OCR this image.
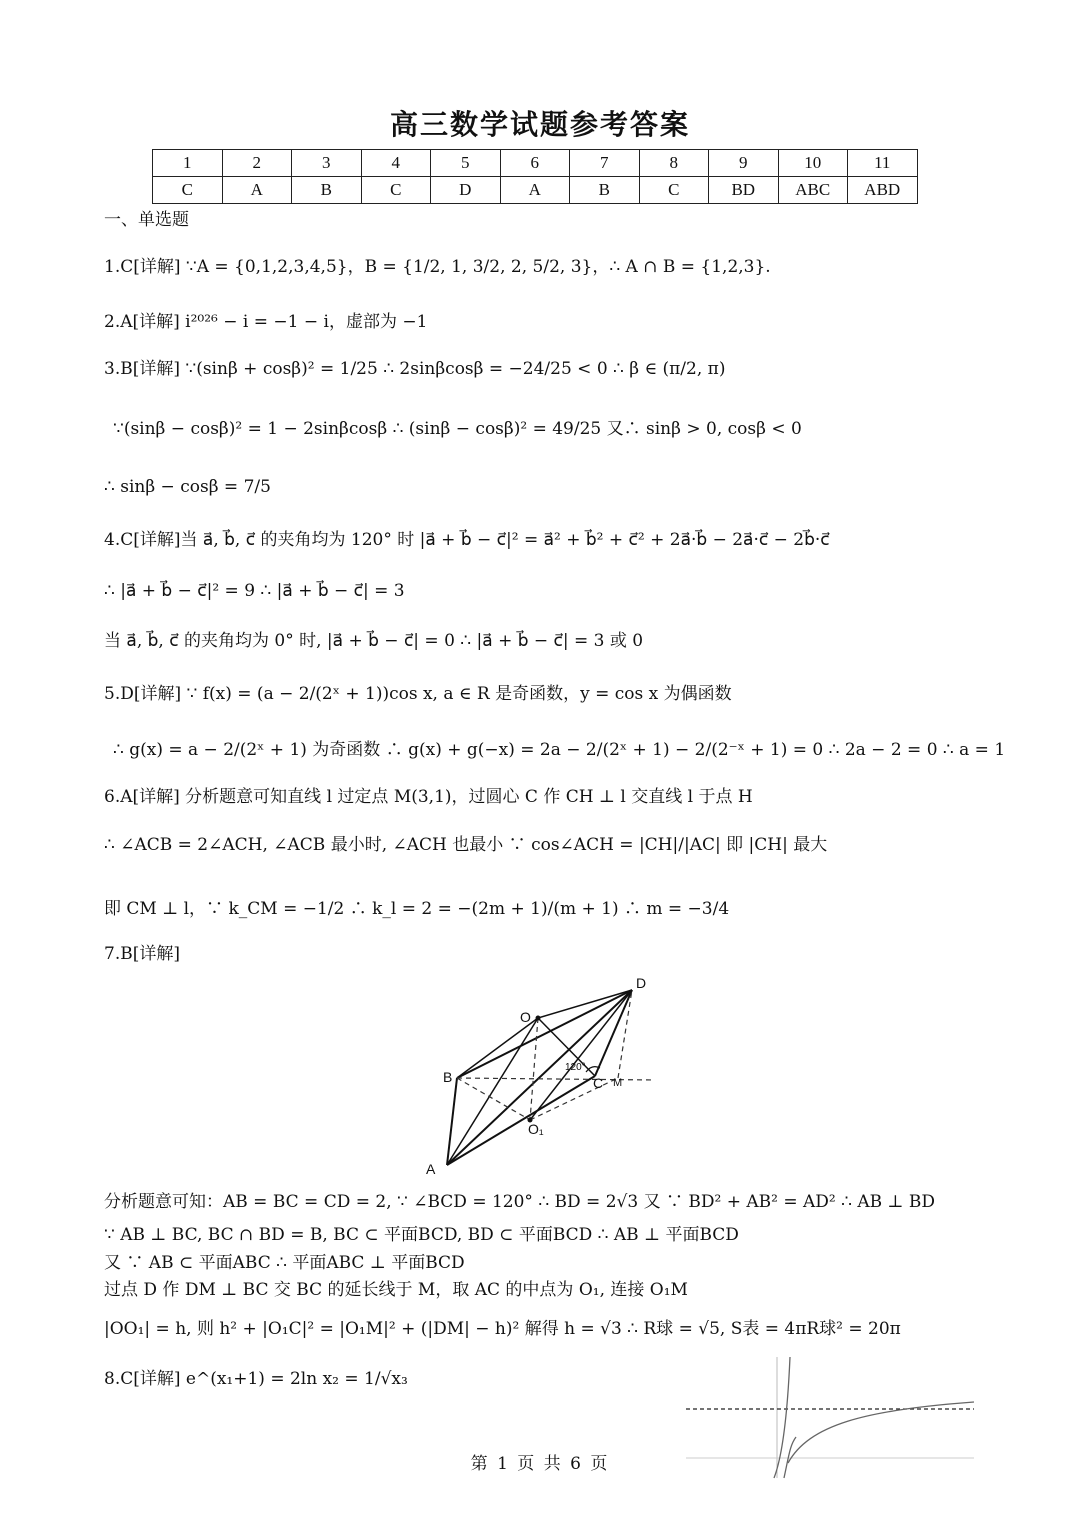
高三数学试题参考答案
1	2	3	4	5	6	7	8	9	10	11
C	A	B	C	D	A	B	C	BD	ABC	ABD
一、单选题
1.C[详解] ∵A = {0,1,2,3,4,5}，B = {1/2, 1, 3/2, 2, 5/2, 3}，∴ A ∩ B = {1,2,3}.
2.A[详解] i²⁰²⁶ − i = −1 − i，虚部为 −1
3.B[详解] ∵(sinβ + cosβ)² = 1/25 ∴ 2sinβcosβ = −24/25 < 0 ∴ β ∈ (π/2, π)
∵(sinβ − cosβ)² = 1 − 2sinβcosβ ∴ (sinβ − cosβ)² = 49/25 又∴ sinβ > 0, cosβ < 0
∴ sinβ − cosβ = 7/5
4.C[详解]当 a⃗, b⃗, c⃗ 的夹角均为 120° 时 |a⃗ + b⃗ − c⃗|² = a⃗² + b⃗² + c⃗² + 2a⃗·b⃗ − 2a⃗·c⃗ − 2b⃗·c⃗
∴ |a⃗ + b⃗ − c⃗|² = 9 ∴ |a⃗ + b⃗ − c⃗| = 3
当 a⃗, b⃗, c⃗ 的夹角均为 0° 时, |a⃗ + b⃗ − c⃗| = 0 ∴ |a⃗ + b⃗ − c⃗| = 3 或 0
5.D[详解] ∵ f(x) = (a − 2/(2ˣ + 1))cos x, a ∈ R 是奇函数，y = cos x 为偶函数
∴ g(x) = a − 2/(2ˣ + 1) 为奇函数 ∴ g(x) + g(−x) = 2a − 2/(2ˣ + 1) − 2/(2⁻ˣ + 1) = 0 ∴ 2a − 2 = 0 ∴ a = 1
6.A[详解] 分析题意可知直线 l 过定点 M(3,1)，过圆心 C 作 CH ⊥ l 交直线 l 于点 H
∴ ∠ACB = 2∠ACH, ∠ACB 最小时, ∠ACH 也最小 ∵ cos∠ACH = |CH|/|AC| 即 |CH| 最大
即 CM ⊥ l，∵ k_CM = −1/2 ∴ k_l = 2 = −(2m + 1)/(m + 1) ∴ m = −3/4
7.B[详解]
D
O
B	C M
A
O₁
120°
分析题意可知：AB = BC = CD = 2, ∵ ∠BCD = 120° ∴ BD = 2√3 又 ∵ BD² + AB² = AD² ∴ AB ⊥ BD
∵ AB ⊥ BC, BC ∩ BD = B, BC ⊂ 平面BCD, BD ⊂ 平面BCD ∴ AB ⊥ 平面BCD
又 ∵ AB ⊂ 平面ABC ∴ 平面ABC ⊥ 平面BCD
过点 D 作 DM ⊥ BC 交 BC 的延长线于 M，取 AC 的中点为 O₁, 连接 O₁M
|OO₁| = h, 则 h² + |O₁C|² = |O₁M|² + (|DM| − h)² 解得 h = √3 ∴ R球 = √5, S表 = 4πR球² = 20π
8.C[详解] e^(x₁+1) = 2ln x₂ = 1/√x₃
第 1 页 共 6 页
